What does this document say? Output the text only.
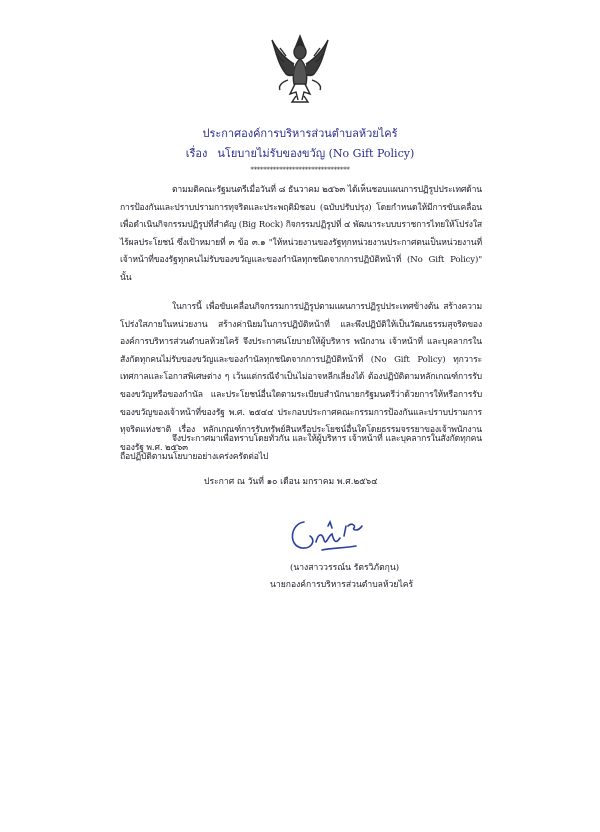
ประกาศองค์การบริหารส่วนตำบลห้วยไคร้
เรื่อง นโยบายไม่รับของขวัญ (No Gift Policy)
*******************************
ตามมติคณะรัฐมนตรีเมื่อวันที่ ๘ ธันวาคม ๒๕๖๓ ได้เห็นชอบแผนการปฏิรูปประเทศด้านการป้องกันและปราบปรามการทุจริตและประพฤติมิชอบ (ฉบับปรับปรุง) โดยกำหนดให้มีการขับเคลื่อนเพื่อดำเนินกิจกรรมปฏิรูปที่สำคัญ (Big Rock) กิจกรรมปฏิรูปที่ ๔ พัฒนาระบบบราชการไทยให้โปร่งใส ไร้ผลประโยชน์ ซึ่งเป้าหมายที่ ๓ ข้อ ๓.๑ "ให้หน่วยงานของรัฐทุกหน่วยงานประกาศตนเป็นหน่วยงานที่เจ้าหน้าที่ของรัฐทุกคนไม่รับของขวัญและของกำนัลทุกชนิดจากการปฏิบัติหน้าที่ (No Gift Policy)" นั้น
ในการนี้ เพื่อขับเคลื่อนกิจกรรมการปฏิรูปตามแผนการปฏิรูปประเทศข้างต้น สร้างความโปร่งใสภายในหน่วยงาน สร้างค่านิยมในการปฏิบัติหน้าที่ และพึงปฏิบัติให้เป็นวัฒนธรรมสุจริตขององค์การบริหารส่วนตำบลห้วยไคร้ จึงประกาศนโยบายให้ผู้บริหาร พนักงาน เจ้าหน้าที่ และบุคลากรในสังกัดทุกคนไม่รับของขวัญและของกำนัลทุกชนิดจากการปฏิบัติหน้าที่ (No Gift Policy) ทุกวาระเทศกาลและโอกาสพิเศษต่าง ๆ เว้นแต่กรณีจำเป็นไม่อาจหลีกเลี่ยงได้ ต้องปฏิบัติตามหลักเกณฑ์การรับของขวัญหรือของกำนัล และประโยชน์อื่นใดตามระเบียบสำนักนายกรัฐมนตรีว่าด้วยการให้หรือการรับของขวัญของเจ้าหน้าที่ของรัฐ พ.ศ. ๒๕๔๔ ประกอบประกาศคณะกรรมการป้องกันและปราบปรามการทุจริตแห่งชาติ เรื่อง หลักเกณฑ์การรับทรัพย์สินหรือประโยชน์อื่นใดโดยธรรมจรรยาของเจ้าพนักงานของรัฐ พ.ศ. ๒๕๖๓
จึงประกาศมาเพื่อทราบโดยทั่วกัน และให้ผู้บริหาร เจ้าหน้าที่ และบุคลากรในสังกัดทุกคนถือปฏิบัติตามนโยบายอย่างเคร่งครัดต่อไป
ประกาศ ณ วันที่ ๑๐ เดือน มกราคม พ.ศ.๒๕๖๔
(นางสาววรรณ์น รัตรวิภัตกุน)
นายกองค์การบริหารส่วนตำบลห้วยไคร้
